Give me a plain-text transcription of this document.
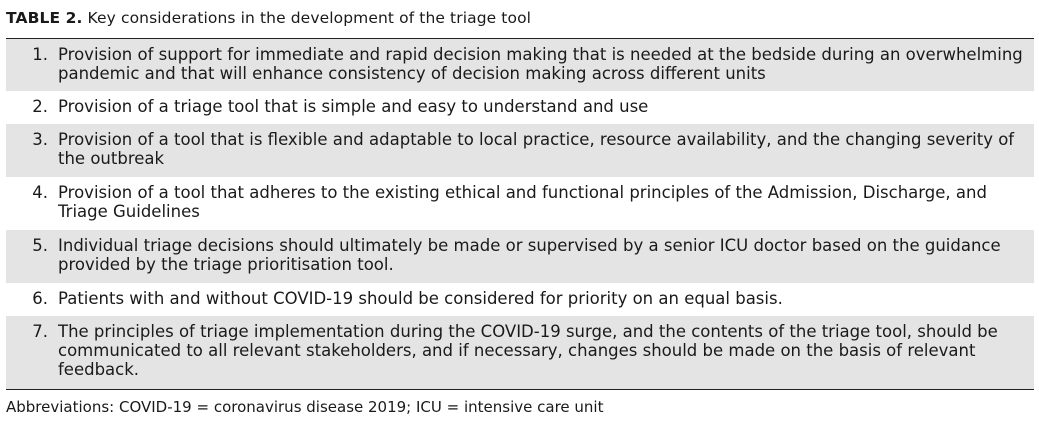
TABLE 2. Key considerations in the development of the triage tool
1. Provision of support for immediate and rapid decision making that is needed at the bedside during an overwhelming pandemic and that will enhance consistency of decision making across different units
2. Provision of a triage tool that is simple and easy to understand and use
3. Provision of a tool that is flexible and adaptable to local practice, resource availability, and the changing severity of the outbreak
4. Provision of a tool that adheres to the existing ethical and functional principles of the Admission, Discharge, and Triage Guidelines
5. Individual triage decisions should ultimately be made or supervised by a senior ICU doctor based on the guidance provided by the triage prioritisation tool.
6. Patients with and without COVID-19 should be considered for priority on an equal basis.
7. The principles of triage implementation during the COVID-19 surge, and the contents of the triage tool, should be communicated to all relevant stakeholders, and if necessary, changes should be made on the basis of relevant feedback.
Abbreviations: COVID-19 = coronavirus disease 2019; ICU = intensive care unit
